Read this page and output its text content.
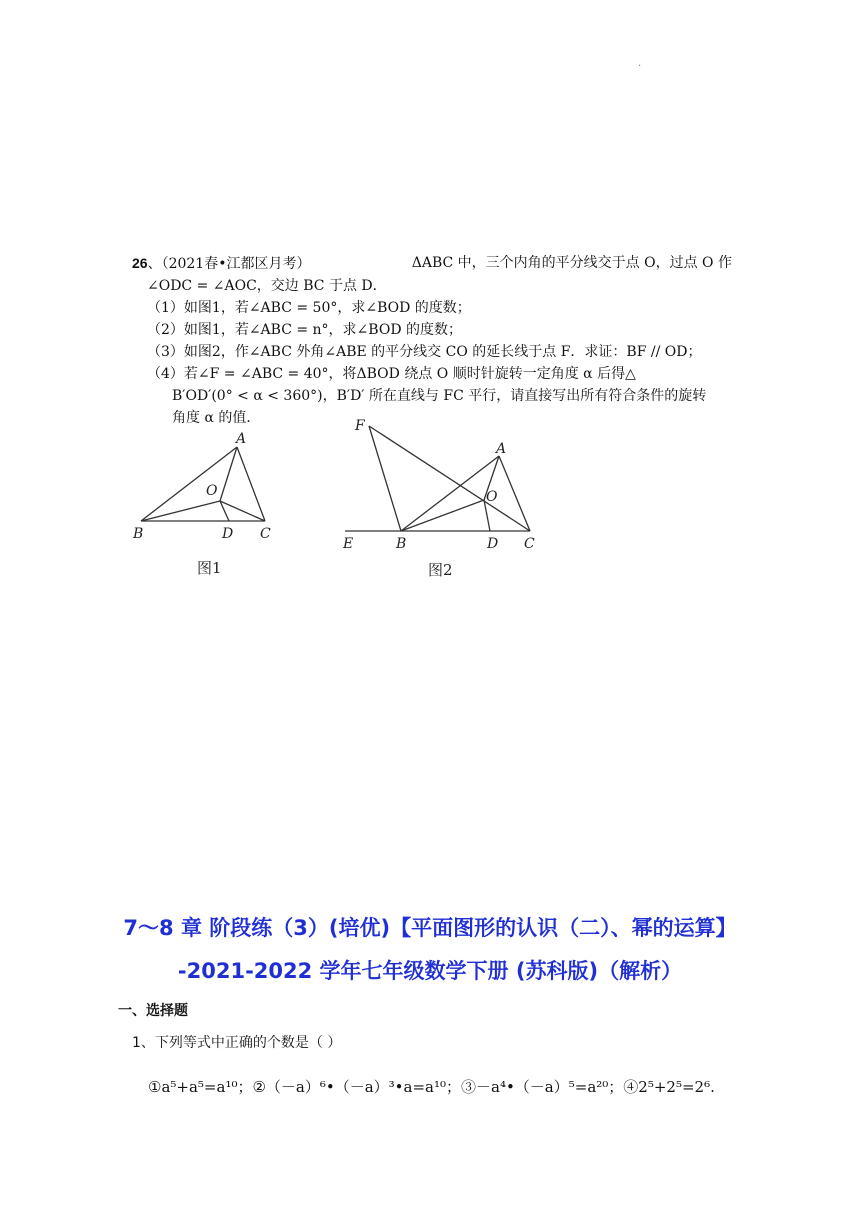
.
26、（2021春•江都区月考）	ΔABC 中，三个内角的平分线交于点 O，过点 O 作
∠ODC = ∠AOC，交边 BC 于点 D．
（1）如图1，若∠ABC = 50°，求∠BOD 的度数；
（2）如图1，若∠ABC = n°，求∠BOD 的度数；
（3）如图2，作∠ABC 外角∠ABE 的平分线交 CO 的延长线于点 F．求证：BF // OD；
（4）若∠F = ∠ABC = 40°，将ΔBOD 绕点 O 顺时针旋转一定角度 α 后得△
B′OD′(0° < α < 360°)，B′D′ 所在直线与 FC 平行，请直接写出所有符合条件的旋转
角度 α 的值．
A
O
B	D C
图1
F
A
O
E	B	D C
图2
7～8 章 阶段练（3）(培优)【平面图形的认识（二）、幂的运算】
-2021-2022 学年七年级数学下册 (苏科版)（解析）
一、选择题
1、下列等式中正确的个数是（ ）
①a⁵+a⁵=a¹⁰；②（－a）⁶•（－a）³•a=a¹⁰；③－a⁴•（－a）⁵=a²⁰；④2⁵+2⁵=2⁶.
